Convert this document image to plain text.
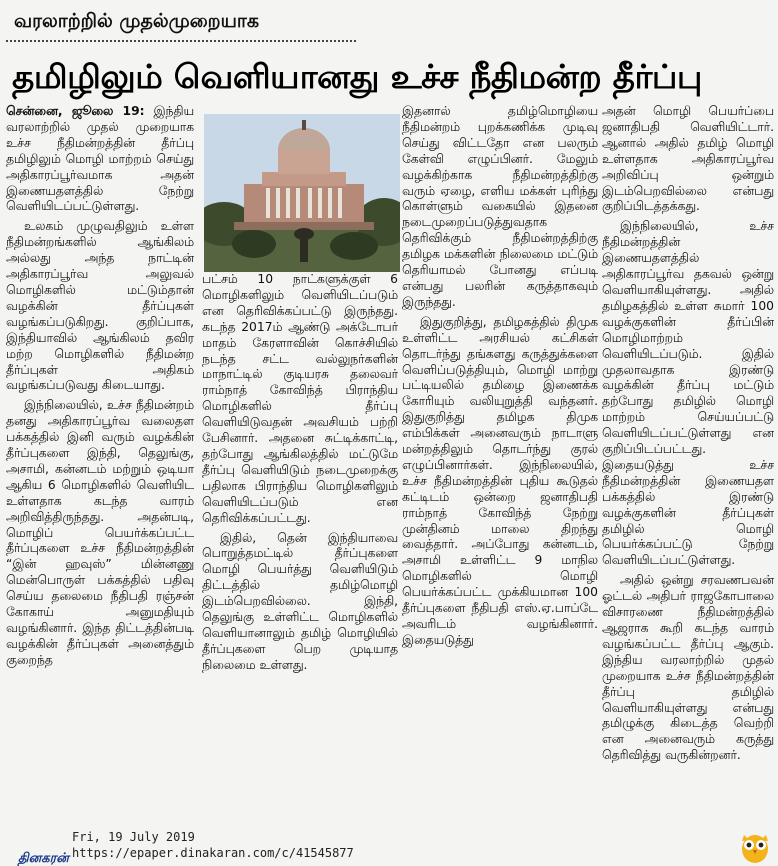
வரலாற்றில் முதல்முறையாக
தமிழிலும் வெளியானது உச்ச நீதிமன்ற தீர்ப்பு

சென்னை, ஜூலை 19: இந்திய வரலாற்றில் முதல் முறையாக உச்ச நீதிமன்றத்தின் தீர்ப்பு தமிழிலும் மொழி மாற்றம் செய்து அதிகாரப்பூர்வமாக அதன் இணையதளத்தில் நேற்று வெளியிடப்பட்டுள்ளது.

உலகம் முழுவதிலும் உள்ள நீதிமன்றங்களில் ஆங்கிலம் அல்லது அந்த நாட்டின் அதிகாரப்பூர்வ அலுவல் மொழிகளில் மட்டும்தான் வழக்கின் தீர்ப்புகள் வழங்கப்படுகிறது. குறிப்பாக, இந்தியாவில் ஆங்கிலம் தவிர மற்ற மொழிகளில் நீதிமன்ற தீர்ப்புகள் அதிகம் வழங்கப்படுவது கிடையாது.

இந்நிலையில், உச்ச நீதிமன்றம் தனது அதிகாரப்பூர்வ வலைதள பக்கத்தில் இனி வரும் வழக்கின் தீர்ப்புகளை இந்தி, தெலுங்கு, அசாமி, கன்னடம் மற்றும் ஒடியா ஆகிய 6 மொழிகளில் வெளியிட உள்ளதாக கடந்த வாரம் அறிவித்திருந்தது. அதன்படி, மொழிப் பெயர்க்கப்பட்ட தீர்ப்புகளை உச்ச நீதிமன்றத்தின் “இன் ஹவுஸ்” மின்னணு மென்பொருள் பக்கத்தில் பதிவு செய்ய தலைமை நீதிபதி ரஞ்சன் கோகாய் அனுமதியும் வழங்கினார். இந்த திட்டத்தின்படி வழக்கின் தீர்ப்புகள் அனைத்தும் குறைந்த

பட்சம் 10 நாட்களுக்குள் 6 மொழிகளிலும் வெளியிடப்படும் என தெரிவிக்கப்பட்டு இருந்தது. கடந்த 2017ம் ஆண்டு அக்டோபர் மாதம் கேரளாவின் கொச்சியில் நடந்த சட்ட வல்லுநர்களின் மாநாட்டில் குடியரசு தலைவர் ராம்நாத் கோவிந்த் பிராந்திய மொழிகளில் தீர்ப்பு வெளியிடுவதன் அவசியம் பற்றி பேசினார். அதனை சுட்டிக்காட்டி, தற்போது ஆங்கிலத்தில் மட்டுமே தீர்ப்பு வெளியிடும் நடைமுறைக்கு பதிலாக பிராந்திய மொழிகளிலும் வெளியிடப்படும் என தெரிவிக்கப்பட்டது.

இதில், தென் இந்தியாவை பொறுத்தமட்டில் தீர்ப்புகளை மொழி பெயர்த்து வெளியிடும் திட்டத்தில் தமிழ்மொழி இடம்பெறவில்லை. இந்தி, தெலுங்கு உள்ளிட்ட மொழிகளில் வெளியானாலும் தமிழ் மொழியில் தீர்ப்புகளை பெற முடியாத நிலைமை உள்ளது.

இதனால் தமிழ்மொழியை நீதிமன்றம் புறக்கணிக்க முடிவு செய்து விட்டதோ என பலரும் கேள்வி எழுப்பினர். மேலும் வழக்கிற்காக நீதிமன்றத்திற்கு வரும் ஏழை, எளிய மக்கள் புரிந்து கொள்ளும் வகையில் இதனை நடைமுறைப்படுத்துவதாக தெரிவிக்கும் நீதிமன்றத்திற்கு தமிழக மக்களின் நிலைமை மட்டும் தெரியாமல் போனது எப்படி என்பது பலரின் கருத்தாகவும் இருந்தது.

இதுகுறித்து, தமிழகத்தில் திமுக உள்ளிட்ட அரசியல் கட்சிகள் தொடர்ந்து தங்களது கருத்துக்களை வெளிப்படுத்தியும், மொழி மாற்று பட்டியலில் தமிழை இணைக்க கோரியும் வலியுறுத்தி வந்தனர். இதுகுறித்து தமிழக திமுக எம்பிக்கள் அனைவரும் நாடாளு மன்றத்திலும் தொடர்ந்து குரல் எழுப்பினார்கள். இந்நிலையில், உச்ச நீதிமன்றத்தின் புதிய கூடுதல் கட்டிடம் ஒன்றை ஜனாதிபதி ராம்நாத் கோவிந்த் நேற்று முன்தினம் மாலை திறந்து வைத்தார். அப்போது கன்னடம், அசாமி உள்ளிட்ட 9 மாநில மொழிகளில் மொழி பெயர்க்கப்பட்ட முக்கியமான 100 தீர்ப்புகளை நீதிபதி எஸ்.ஏ.பாப்டே அவரிடம் வழங்கினார். இதையடுத்து

அதன் மொழி பெயர்ப்பை ஜனாதிபதி வெளியிட்டார். ஆனால் அதில் தமிழ் மொழி உள்ளதாக அதிகாரப்பூர்வ அறிவிப்பு ஒன்றும் இடம்பெறவில்லை என்பது குறிப்பிடத்தக்கது.

இந்நிலையில், உச்ச நீதிமன்றத்தின் இணையதளத்தில் அதிகாரப்பூர்வ தகவல் ஒன்று வெளியாகியுள்ளது. அதில் தமிழகத்தில் உள்ள சுமார் 100 வழக்குகளின் தீர்ப்பின் மொழிமாற்றம் வெளியிடப்படும். இதில் முதலாவதாக இரண்டு வழக்கின் தீர்ப்பு மட்டும் தற்போது தமிழில் மொழி மாற்றம் செய்யப்பட்டு வெளியிடப்பட்டுள்ளது என குறிப்பிடப்பட்டது. இதையடுத்து உச்ச நீதிமன்றத்தின் இணையதள பக்கத்தில் இரண்டு வழக்குகளின் தீர்ப்புகள் தமிழில் மொழி பெயர்க்கப்பட்டு நேற்று வெளியிடப்பட்டுள்ளது.

அதில் ஒன்று சரவணபவன் ஓட்டல் அதிபர் ராஜகோபாலை விசாரணை நீதிமன்றத்தில் ஆஜராக கூறி கடந்த வாரம் வழங்கப்பட்ட தீர்ப்பு ஆகும். இந்திய வரலாற்றில் முதல் முறையாக உச்ச நீதிமன்றத்தின் தீர்ப்பு தமிழில் வெளியாகியுள்ளது என்பது தமிழுக்கு கிடைத்த வெற்றி என அனைவரும் கருத்து தெரிவித்து வருகின்றனர்.

தினகரன்
Fri, 19 July 2019
https://epaper.dinakaran.com/c/41545877
